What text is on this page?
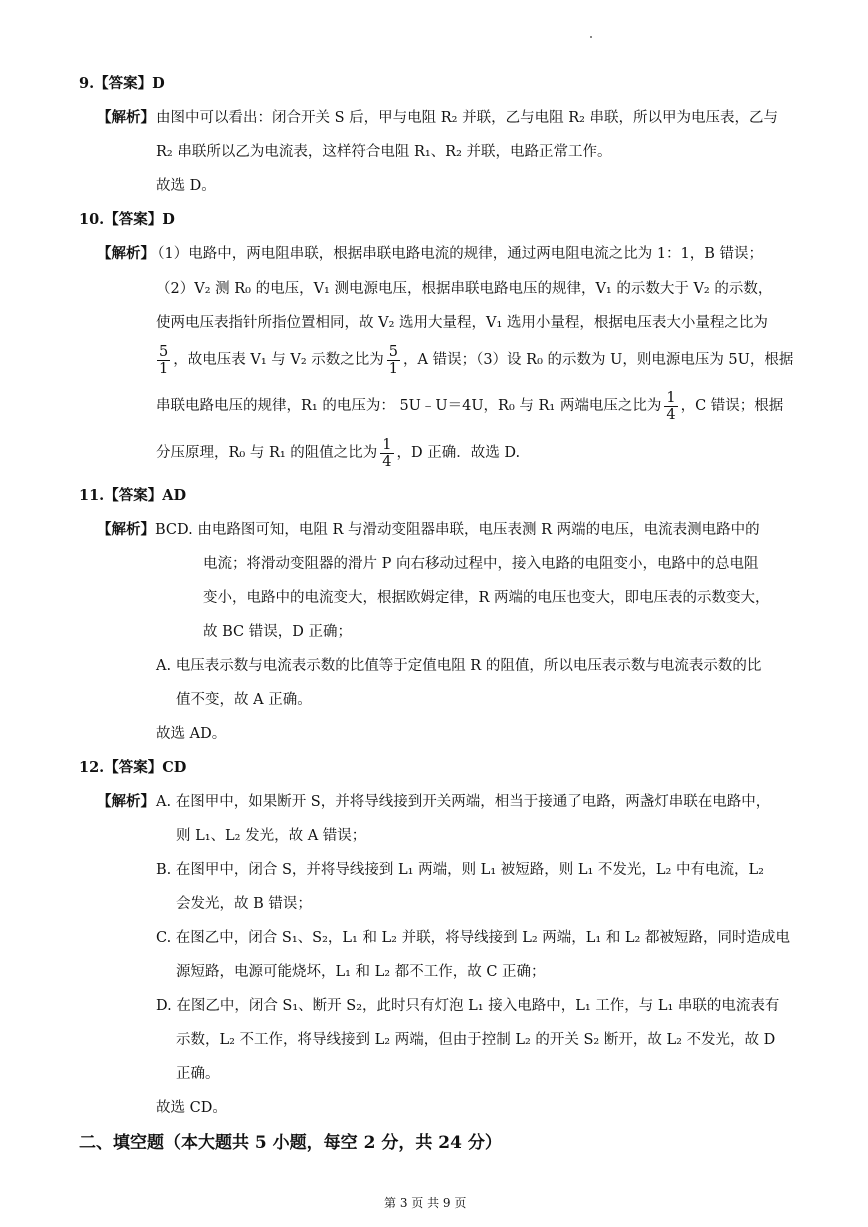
9.【答案】D
【解析】 由图中可以看出：闭合开关 S 后，甲与电阻 R₂ 并联，乙与电阻 R₂ 串联，所以甲为电压表，乙与
R₂ 串联所以乙为电流表，这样符合电阻 R₁、R₂ 并联，电路正常工作。
故选 D。
10.【答案】D
【解析】
（1）电路中，两电阻串联，根据串联电路电流的规律，通过两电阻电流之比为 1：1，B 错误；
（2）V₂ 测 R₀ 的电压，V₁ 测电源电压，根据串联电路电压的规律，V₁ 的示数大于 V₂ 的示数，
使两电压表指针所指位置相同，故 V₂ 选用大量程，V₁ 选用小量程，根据电压表大小量程之比为
$\frac{5}{1}$ ，故电压表 V₁ 与 V₂ 示数之比为 $\frac{5}{1}$ ，A 错误；（3）设 R₀ 的示数为 U，则电源电压为 5U，根据
串联电路电压的规律，R₁ 的电压为： 5U﹣U＝4U，R₀ 与 R₁ 两端电压之比为 $\frac{1}{4}$ ，C 错误；根据
分压原理，R₀ 与 R₁ 的阻值之比为 $\frac{1}{4}$ ，D 正确．故选 D.
11.【答案】AD
【解析】 BCD. 由电路图可知，电阻 R 与滑动变阻器串联，电压表测 R 两端的电压，电流表测电路中的
电流；将滑动变阻器的滑片 P 向右移动过程中，接入电路的电阻变小，电路中的总电阻
变小，电路中的电流变大，根据欧姆定律，R 两端的电压也变大，即电压表的示数变大，
故 BC 错误，D 正确；
A. 电压表示数与电流表示数的比值等于定值电阻 R 的阻值，所以电压表示数与电流表示数的比
值不变，故 A 正确。
故选 AD。
12.【答案】CD
【解析】 A. 在图甲中，如果断开 S，并将导线接到开关两端，相当于接通了电路，两盏灯串联在电路中，
则 L₁、L₂ 发光，故 A 错误；
B. 在图甲中，闭合 S，并将导线接到 L₁ 两端，则 L₁ 被短路，则 L₁ 不发光，L₂ 中有电流，L₂
会发光，故 B 错误；
C. 在图乙中，闭合 S₁、S₂，L₁ 和 L₂ 并联，将导线接到 L₂ 两端，L₁ 和 L₂ 都被短路，同时造成电
源短路，电源可能烧坏，L₁ 和 L₂ 都不工作，故 C 正确；
D. 在图乙中，闭合 S₁、断开 S₂，此时只有灯泡 L₁ 接入电路中，L₁ 工作，与 L₁ 串联的电流表有
示数，L₂ 不工作，将导线接到 L₂ 两端，但由于控制 L₂ 的开关 S₂ 断开，故 L₂ 不发光，故 D
正确。
故选 CD。
二、填空题（本大题共 5 小题，每空 2 分，共 24 分）
第 3 页 共 9 页
